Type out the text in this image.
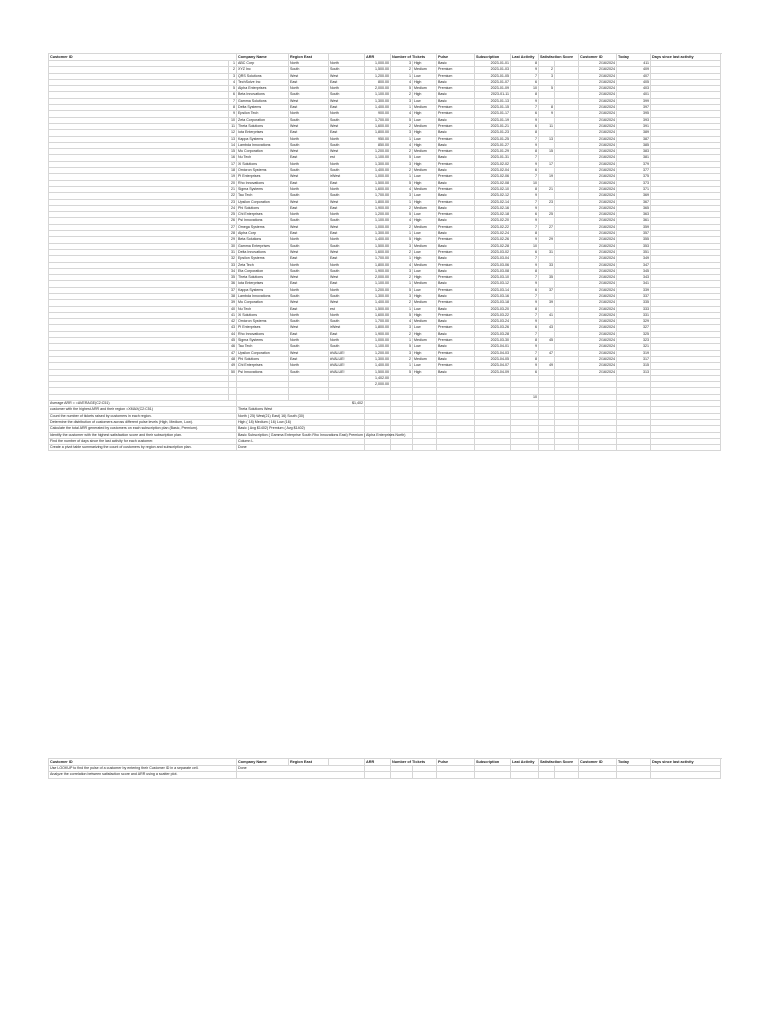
Customer ID		Company Name	Region East		ARR	Number of Tickets		Pulse	Subscription	Last Activity	Satisfaction Score		Customer ID	Today	Days since last activity
	1	ABC Corp	North	North	1,000.00	3	High	Basic	2023-01-01	8			2/16/2024	411	
	2	XYZ Inc	South	South	1,500.00	2	Medium	Premium	2023-01-03	9	2		2/16/2024	409	
	3	QRS Solutions	West	West	1,200.00	1	Low	Premium	2023-01-05	7	3		2/16/2024	407	
	4	TechSolve Inc	East	East	800.00	4	High	Basic	2023-01-07	6			2/16/2024	405	
	5	Alpha Enterprises	North	North	2,000.00	5	Medium	Premium	2023-01-09	10	5		2/16/2024	403	
	6	Beta Innovations	South	South	1,100.00	2	High	Basic	2023-01-11	8			2/16/2024	401	
	7	Gamma Solutions	West	West	1,300.00	3	Low	Basic	2023-01-13	9			2/16/2024	399	
	8	Delta Systems	East	East	1,400.00	1	Medium	Premium	2023-01-15	7	8		2/16/2024	397	
	9	Epsilon Tech	North	North	900.00	4	High	Premium	2023-01-17	6	9		2/16/2024	395	
	10	Zeta Corporation	South	South	1,700.00	5	Low	Basic	2023-01-19	9			2/16/2024	393	
	11	Theta Solutions	West	West	1,600.00	2	Medium	Premium	2023-01-21	6	11		2/16/2024	391	
	12	Iota Enterprises	East	East	1,800.00	3	High	Basic	2023-01-23	8			2/16/2024	389	
	13	Kappa Systems	North	North	950.00	1	Low	Premium	2023-01-25	7	13		2/16/2024	387	
	14	Lambda Innovations	South	South	850.00	4	High	Basic	2023-01-27	9			2/16/2024	385	
	15	Mu Corporation	West	West	1,200.00	2	Medium	Premium	2023-01-29	8	15		2/16/2024	383	
	16	Nu Tech	East	est	1,100.00	5	Low	Basic	2023-01-31	7			2/16/2024	381	
	17	Xi Solutions	North	North	1,300.00	3	High	Premium	2023-02-02	9	17		2/16/2024	379	
	18	Omicron Systems	South	South	1,400.00	2	Medium	Basic	2023-02-04	6			2/16/2024	377	
	19	Pi Enterprises	West	irWest	1,000.00	1	Low	Premium	2023-02-06	7	19		2/16/2024	375	
	20	Rho Innovations	East	East	1,500.00	5	High	Basic	2023-02-08	10			2/16/2024	373	
	21	Sigma Systems	North	North	1,600.00	4	Medium	Premium	2023-02-10	8	21		2/16/2024	371	
	22	Tau Tech	South	South	1,700.00	3	Low	Basic	2023-02-12	9			2/16/2024	369	
	23	Upsilon Corporation	West	West	1,800.00	1	High	Premium	2023-02-14	7	23		2/16/2024	367	
	24	Phi Solutions	East	East	1,900.00	2	Medium	Basic	2023-02-16	9			2/16/2024	365	
	25	Chi Enterprises	North	North	1,200.00	5	Low	Premium	2023-02-18	6	25		2/16/2024	363	
	26	Psi Innovations	South	South	1,100.00	4	High	Basic	2023-02-20	9			2/16/2024	361	
	27	Omega Systems	West	West	1,000.00	2	Medium	Premium	2023-02-22	7	27		2/16/2024	359	
	28	Alpha Corp	East	East	1,300.00	1	Low	Basic	2023-02-24	8			2/16/2024	357	
	29	Beta Solutions	North	North	1,400.00	5	High	Premium	2023-02-26	9	29		2/16/2024	355	
	30	Gamma Enterprises	South	South	1,500.00	3	Medium	Basic	2023-02-28	10			2/16/2024	353	
	31	Delta Innovations	West	West	1,600.00	2	Low	Premium	2023-03-02	6	31		2/16/2024	351	
	32	Epsilon Systems	East	East	1,700.00	1	High	Basic	2023-03-04	7			2/16/2024	349	
	33	Zeta Tech	North	North	1,800.00	4	Medium	Premium	2023-03-06	9	33		2/16/2024	347	
	34	Eta Corporation	South	South	1,900.00	3	Low	Basic	2023-03-08	8			2/16/2024	345	
	35	Theta Solutions	West	West	2,000.00	2	High	Premium	2023-03-10	7	35		2/16/2024	343	
	36	Iota Enterprises	East	East	1,100.00	1	Medium	Basic	2023-03-12	9			2/16/2024	341	
	37	Kappa Systems	North	North	1,200.00	5	Low	Premium	2023-03-14	6	37		2/16/2024	339	
	38	Lambda Innovations	South	South	1,300.00	3	High	Basic	2023-03-16	7			2/16/2024	337	
	39	Mu Corporation	West	West	1,400.00	2	Medium	Premium	2023-03-18	9	39		2/16/2024	335	
	40	Nu Tech	East	est	1,500.00	1	Low	Basic	2023-03-20	8			2/16/2024	333	
	41	Xi Solutions	North	North	1,600.00	5	High	Premium	2023-03-22	7	41		2/16/2024	331	
	42	Omicron Systems	South	South	1,700.00	4	Medium	Basic	2023-03-24	9			2/16/2024	329	
	43	Pi Enterprises	West	irWest	1,800.00	3	Low	Premium	2023-03-26	6	43		2/16/2024	327	
	44	Rho Innovations	East	East	1,900.00	2	High	Basic	2023-03-28	7			2/16/2024	325	
	45	Sigma Systems	North	North	1,000.00	1	Medium	Premium	2023-03-30	8	45		2/16/2024	323	
	46	Tau Tech	South	South	1,100.00	5	Low	Basic	2023-04-01	9			2/16/2024	321	
	47	Upsilon Corporation	West	#VALUE!	1,200.00	3	High	Premium	2023-04-03	7	47		2/16/2024	319	
	48	Phi Solutions	East	#VALUE!	1,300.00	2	Medium	Basic	2023-04-05	8			2/16/2024	317	
	49	Chi Enterprises	North	#VALUE!	1,400.00	1	Low	Premium	2023-04-07	9	49		2/16/2024	315	
	50	Psi Innovations	South	#VALUE!	1,500.00	5	High	Basic	2023-04-09	6			2/16/2024	313	
					1,402.00										
					2,000.00										

										10					
Average ARR = =AVERAGE(C2:C51)		$1,402													
customer with the highest ARR and their region =XMAX(C2:C51)		Theta Solutions West													
Count the number of tickets raised by customers in each region.		North ( 25) West(21) East( 16) South (30)													
Determine the distribution of customers across different pulse levels (High, Medium, Low).		High ( 18) Medium ( 16) Low (16)													
Calculate the total ARR generated by customers on each subscription plan (Basic, Premium).		Basic ( Avg $1402) Premium ( Avg $1402)													
Identify the customer with the highest satisfaction score and their subscription plan.		Basic Subscription ( Gamma Enterprise South Rho Innovations East) Premium ( Alpha Enterprises North)													
Find the number of days since the last activity for each customer.		Column L													
Create a pivot table summarizing the count of customers by region and subscription plan.		Done													
Customer ID	Company Name	Region East		ARR	Number of Tickets		Pulse	Subscription	Last Activity	Satisfaction Score		Customer ID	Today	Days since last activity
Use LOOKUP to find the pulse of a customer by entering their Customer ID in a separate cell.	Done													
Analyze the correlation between satisfaction score and ARR using a scatter plot.														
